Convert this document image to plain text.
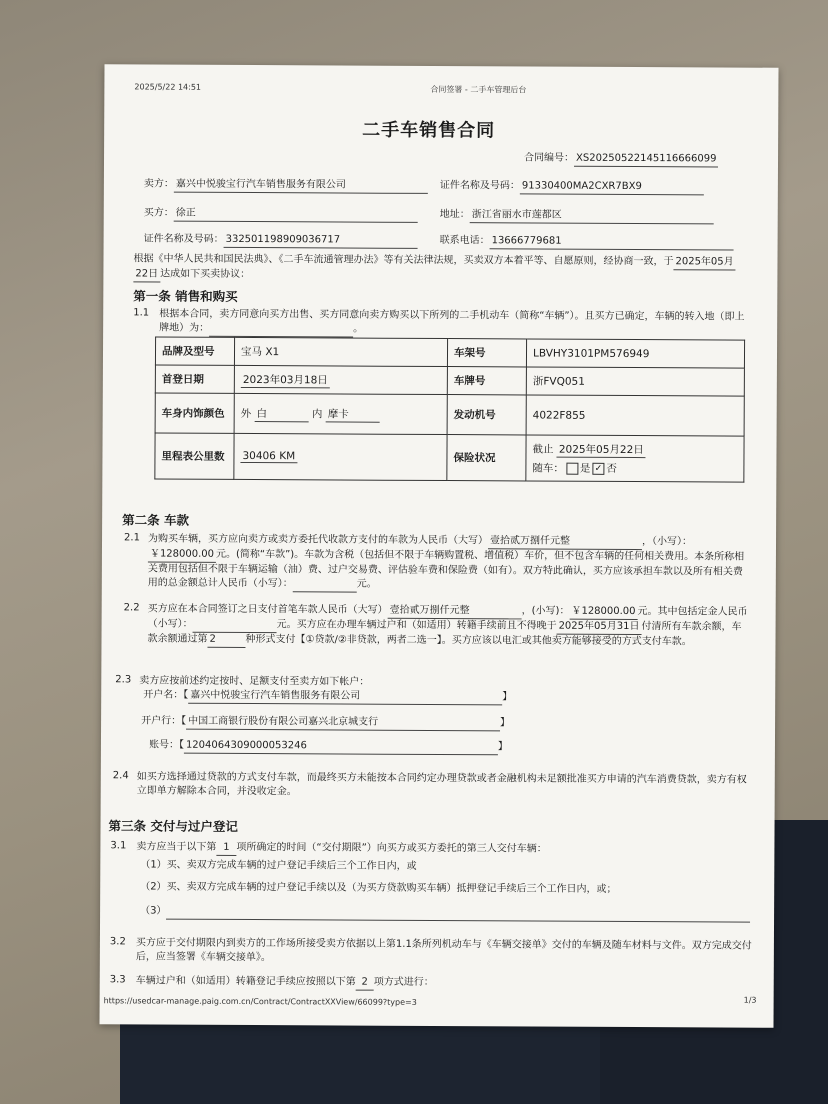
2025/5/22 14:51	合同签署 - 二手车管理后台
二手车销售合同
合同编号： XS20250522145116666099
卖方： 嘉兴中悦骏宝行汽车销售服务有限公司	证件名称及号码： 91330400MA2CXR7BX9
买方： 徐正	地址： 浙江省丽水市莲都区
证件名称及号码： 332501198909036717	联系电话： 13666779681
根据《中华人民共和国民法典》、《二手车流通管理办法》等有关法律法规，买卖双方本着平等、自愿原则，经协商一致，于 2025年05月22日 达成如下买卖协议：
第一条 销售和购买
1.1 根据本合同，卖方同意向买方出售、买方同意向卖方购买以下所列的二手机动车（简称“车辆”）。且买方已确定，车辆的转入地（即上牌地）为：	。
品牌及型号	宝马 X1	车架号	LBVHY3101PM576949
首登日期	2023年03月18日	车牌号	浙FVQ051
车身内饰颜色	外 白 内 摩卡	发动机号	4022F855
里程表公里数	30406 KM	保险状况	截止 2025年05月22日
随车： 是 ✓ 否
第二条 车款
2.1 为购买车辆，买方应向卖方或卖方委托代收款方支付的车款为人民币（大写） 壹拾贰万捌仟元整	，（小写）：
￥128000.00 元。(简称“车款”)。车款为含税（包括但不限于车辆购置税、增值税）车价，但不包含车辆的任何相关费用。本条所称相关费用包括但不限于车辆运输（油）费、过户交易费、评估验车费和保险费（如有）。双方特此确认，买方应该承担车款以及所有相关费用的总金额总计人民币（小写）：	元。
2.2 买方应在本合同签订之日支付首笔车款人民币（大写） 壹拾贰万捌仟元整	，(小写)： ￥128000.00 元。其中包括定金人民币（小写）：	元。买方应在办理车辆过户和（如适用）转籍手续前且不得晚于 2025年05月31日 付清所有车款余额，车款余额通过第 2	种形式支付【①贷款/②非贷款，两者二选一】。买方应该以电汇或其他卖方能够接受的方式支付车款。
2.3 卖方应按前述约定按时、足额支付至卖方如下帐户：
开户名：【 嘉兴中悦骏宝行汽车销售服务有限公司	】
开户行：【 中国工商银行股份有限公司嘉兴北京城支行	】
账号：【 1204064309000053246	】
2.4 如买方选择通过贷款的方式支付车款，而最终买方未能按本合同约定办理贷款或者金融机构未足额批准买方申请的汽车消费贷款，卖方有权立即单方解除本合同，并没收定金。
第三条 交付与过户登记
3.1 卖方应当于以下第 1 项所确定的时间（“交付期限”）向买方或买方委托的第三人交付车辆：
（1）买、卖双方完成车辆的过户登记手续后三个工作日内，或
（2）买、卖双方完成车辆的过户登记手续以及（为买方贷款购买车辆）抵押登记手续后三个工作日内，或；
（3）
3.2 买方应于交付期限内到卖方的工作场所接受卖方依据以上第1.1条所列机动车与《车辆交接单》交付的车辆及随车材料与文件。双方完成交付后，应当签署《车辆交接单》。
3.3 车辆过户和（如适用）转籍登记手续应按照以下第 2 项方式进行：
https://usedcar-manage.paig.com.cn/Contract/ContractXXView/66099?type=3	1/3
